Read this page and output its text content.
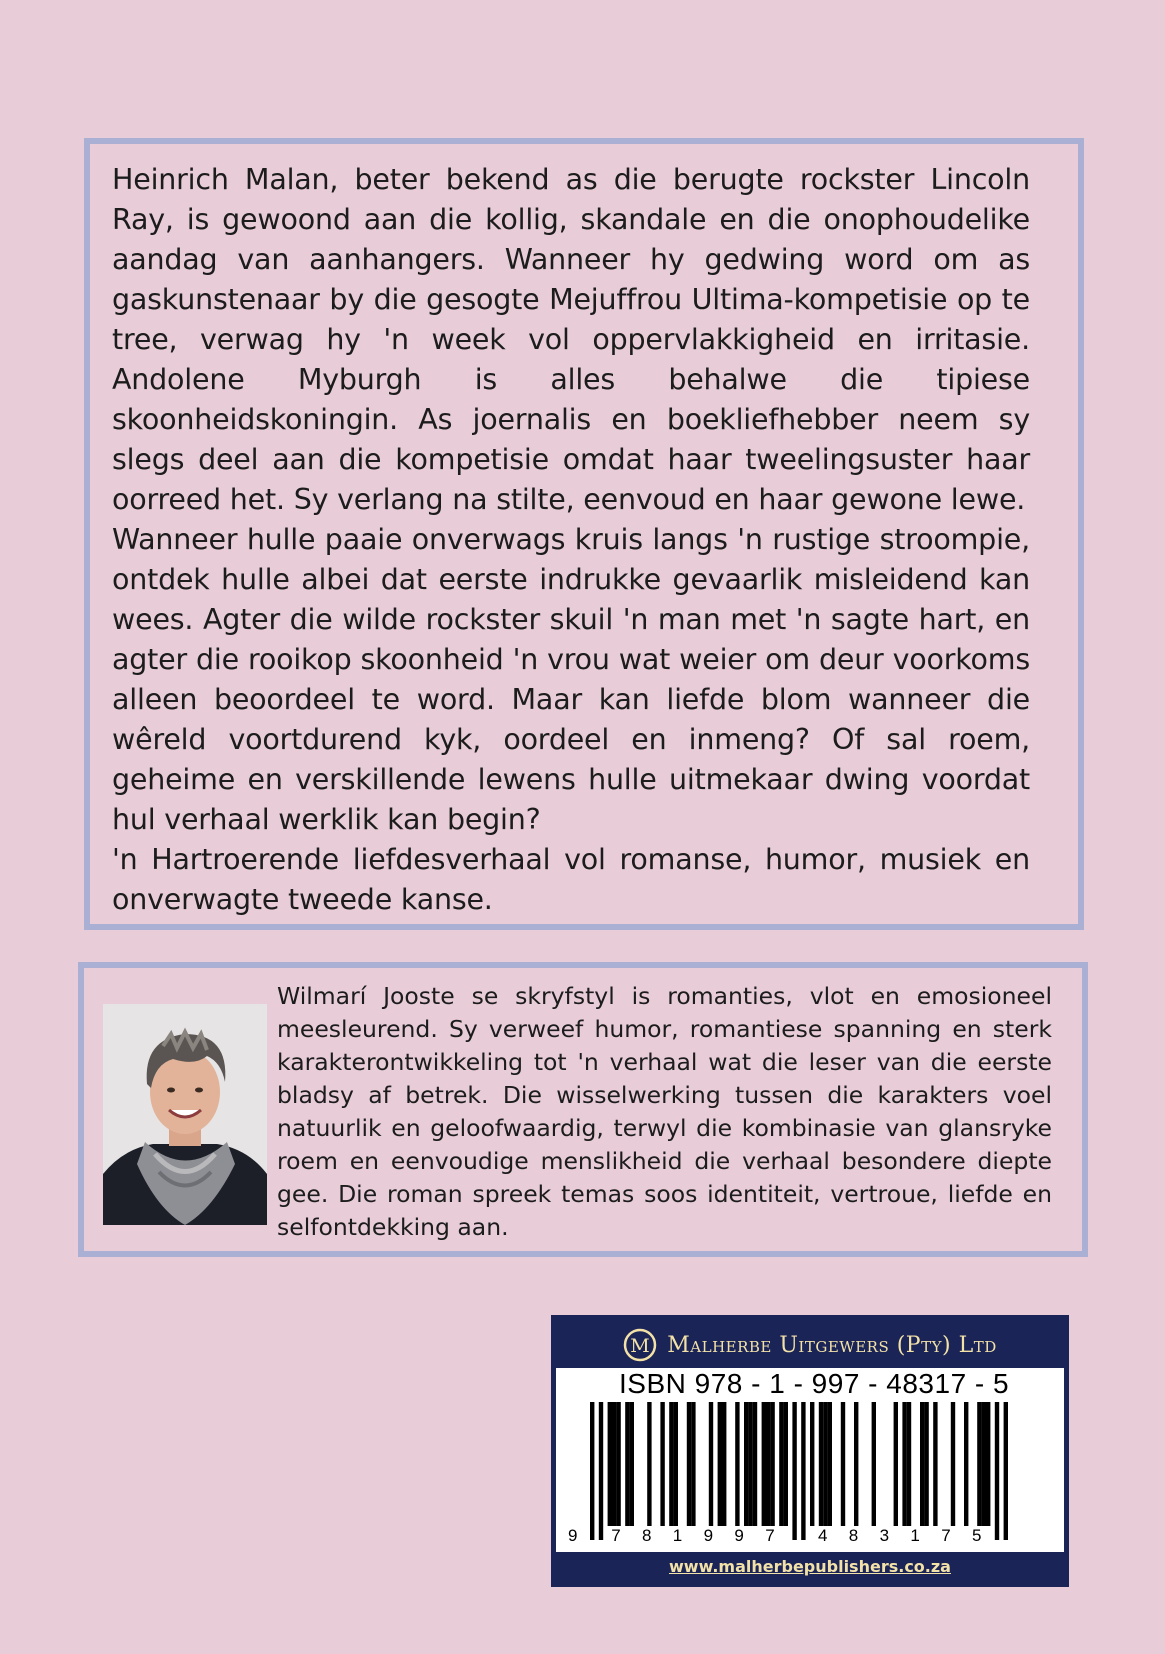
Heinrich Malan, beter bekend as die berugte rockster Lincoln Ray, is gewoond aan die kollig, skandale en die onophoudelike aandag van aanhangers. Wanneer hy gedwing word om as gaskunstenaar by die gesogte Mejuffrou Ultima-kompetisie op te tree, verwag hy 'n week vol oppervlakkigheid en irritasie. Andolene Myburgh is alles behalwe die tipiese skoonheidskoningin. As joernalis en boekliefhebber neem sy slegs deel aan die kompetisie omdat haar tweelingsuster haar oorreed het. Sy verlang na stilte, eenvoud en haar gewone lewe.

Wanneer hulle paaie onverwags kruis langs 'n rustige stroompie, ontdek hulle albei dat eerste indrukke gevaarlik misleidend kan wees. Agter die wilde rockster skuil 'n man met 'n sagte hart, en agter die rooikop skoonheid 'n vrou wat weier om deur voorkoms alleen beoordeel te word. Maar kan liefde blom wanneer die wêreld voortdurend kyk, oordeel en inmeng? Of sal roem, geheime en verskillende lewens hulle uitmekaar dwing voordat hul verhaal werklik kan begin?

'n Hartroerende liefdesverhaal vol romanse, humor, musiek en onverwagte tweede kanse.

Wilmarí Jooste se skryfstyl is romanties, vlot en emosioneel meesleurend. Sy verweef humor, romantiese spanning en sterk karakterontwikkeling tot 'n verhaal wat die leser van die eerste bladsy af betrek. Die wisselwerking tussen die karakters voel natuurlik en geloofwaardig, terwyl die kombinasie van glansryke roem en eenvoudige menslikheid die verhaal besondere diepte gee. Die roman spreek temas soos identiteit, vertroue, liefde en selfontdekking aan.

M Malherbe Uitgewers (Pty) Ltd
ISBN 978 - 1 - 997 - 48317 - 5
9 7 8 1 9 9 7	4 8 3 1 7 5
www.malherbepublishers.co.za
